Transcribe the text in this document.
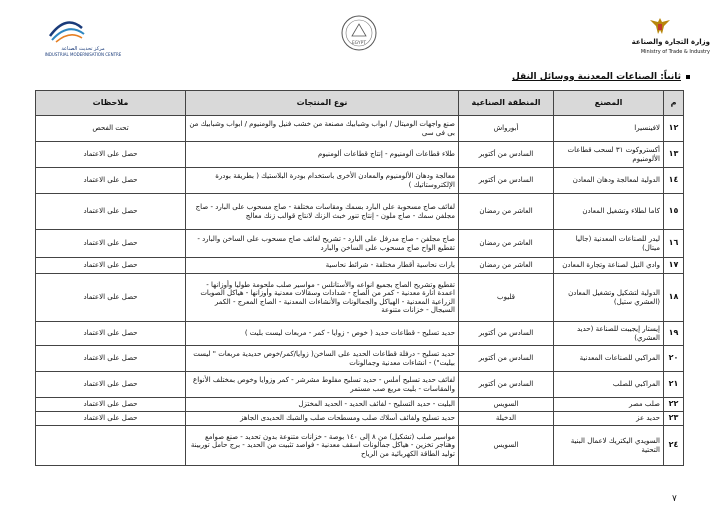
مركز تحديث الصناعة
INDUSTRIAL MODERNISATION CENTRE
EGYPT	وزارة التجارة والصناعة
Ministry of Trade & Industry
ثانياً: الصناعات المعدنية ووسائل النقل
م	المصنع	المنطقة الصناعية	نوع المنتجات	ملاحظات
١٢	لافينسيرا	أبورواش	صنع واجهات الوميتال / ابواب وشبابيك مصنعة من خشب فنيل والومنيوم / ابواب وشبابيك من بى فى سى	تحت الفحص
١٣	أكستروكوت ٣١ لسحب قطاعات الألومنيوم	السادس من أكتوبر	طلاء قطاعات ألومنيوم - إنتاج قطاعات ألومنيوم	حصل على الاعتماد
١٤	الدولية لمعالجة ودهان المعادن	السادس من أكتوبر	معالجة ودهان الألومنيوم والمعادن الأخرى باستخدام بودرة البلاستيك ( بطريقة بودرة الإلكتروستاتيك )	حصل على الاعتماد
١٥	كاما لطلاء وتشغيل المعادن	العاشر من رمضان	لفائف صاج مسحوبة على البارد بسمك ومقاسات مختلفة - صاج مسحوب على البارد - صاج مجلفن سمك - صاج ملون - إنتاج تنور خبث الزنك لانتاج قوالب زنك معالج	حصل على الاعتماد
١٦	ليدر للصناعات المعدنية (جاليا ميتال)	العاشر من رمضان	صاج مجلفن - صاج مدرفل على البارد - تشريح لفائف صاج مسحوب على الساخن والبارد - تقطيع الواح صاج مسحوب على الساخن والبارد	حصل على الاعتماد
١٧	وادي النيل لصناعة وتجارة المعادن	العاشر من رمضان	بارات نحاسية أقطار مختلفة - شرائط نحاسية	حصل على الاعتماد
١٨	الدولية لتشكيل وتشغيل المعادن (العشري ستيل)	قليوب	تقطيع وتشريح الصاج بجميع انواعه والأستانلس - مواسير صلب ملحومة طوليا وأوزانها - اعمدة انارة معدنية - كمر من الصاج - شدادات وسقالات معدنية وأوزانها - هياكل الصوبات الزراعية المعدنية - الهياكل والجمالونات والأنشاءات المعدنية - الصاج المعرج - الكمر السيجال - خزانات متنوعة	حصل على الاعتماد
١٩	إيستار إيجيبت للصناعة (حديد العشري)	السادس من أكتوبر	حديد تسليح - قطاعات حديد ( خوص - زوايا - كمر - مربعات ليست بليت )	حصل على الاعتماد
٢٠	المراكبي للصناعات المعدنية	السادس من أكتوبر	حديد تسليح - درفلة قطاعات الحديد على الساخن( زوايا/كمر/خوص حديدية مربعات " ليست بيليت") - انشاءات معدنية وجمالونات	حصل على الاعتماد
٢١	المراكبي للصلب	السادس من أكتوبر	لفائف حديد تسليح أملس - حديد تسليح مفلوط مشرشر - كمر وزوايا وخوص بمختلف الأنواع والمقاسات - بليت مربع صب مستمر	حصل على الاعتماد
٢٢	صلب مصر	السويس	البليت - حديد التسليح - لفائف الحديد - الحديد المختزل	حصل على الاعتماد
٢٣	حديد عز	الدخيلة	حديد تسليح ولفائف أسلاك صلب ومسطحات صلب والشبك الحديدى الجاهز	حصل على الاعتماد
٢٤	السويدي اليكتريك لاعمال البنية التحتية	السويس	مواسير صلب (تشكيل) من ٨ إلى ١٤٠ بوصة - خزانات متنوعة بدون تحديد - صنع صوامع وهناجر تخزين - هياكل جمالونات اسقف معدنية - فواصد تثبيت من الحديد - برج حامل توربينة توليد الطاقة الكهربائية من الرياح	
٧
